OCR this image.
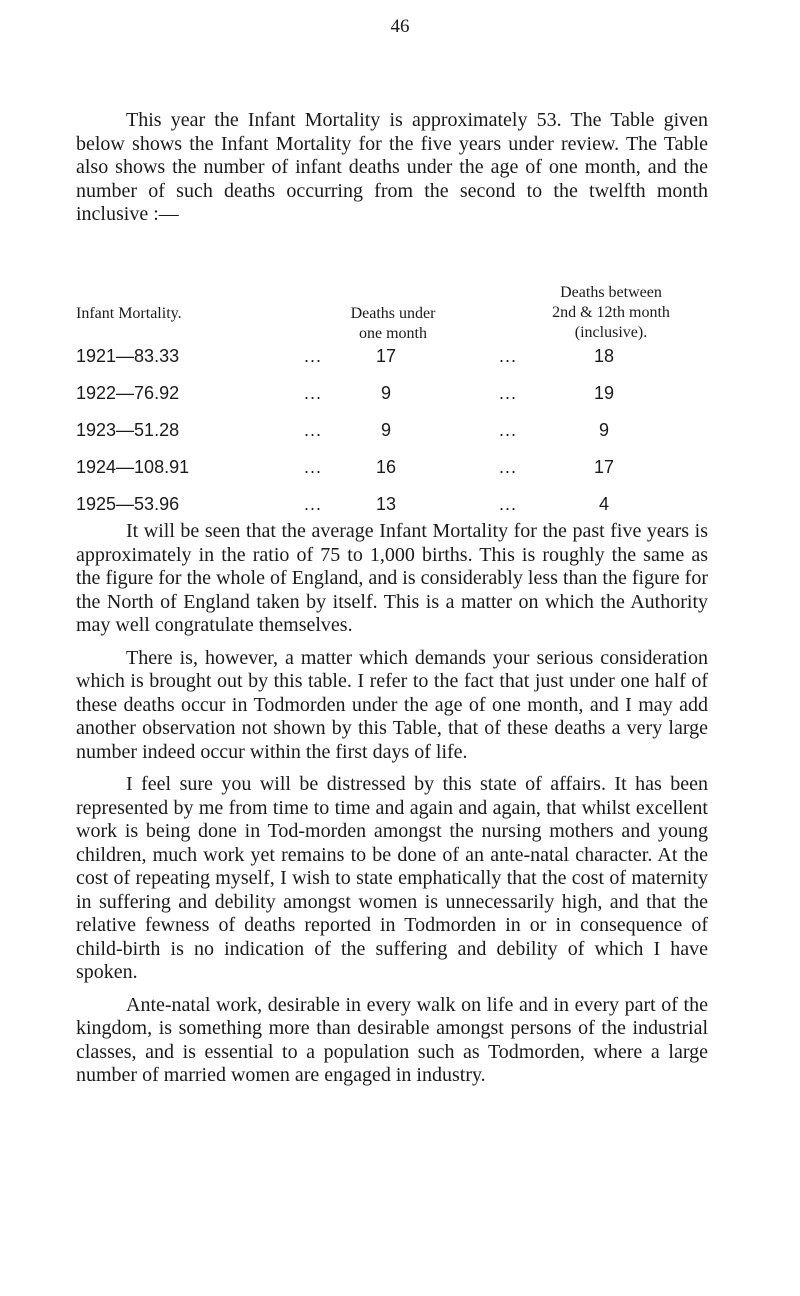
46

This year the Infant Mortality is approximately 53. The Table given below shows the Infant Mortality for the five years under review. The Table also shows the number of infant deaths under the age of one month, and the number of such deaths occurring from the second to the twelfth month inclusive :—

Infant Mortality.	Deaths under
one month
Deaths between
2nd & 12th month
(inclusive).
1921—83.33	...	17	...	18
1922—76.92	...	9	...	19
1923—51.28	...	9	...	9
1924—108.91	...	16	...	17
1925—53.96	...	13	...	4

It will be seen that the average Infant Mortality for the past five years is approximately in the ratio of 75 to 1,000 births. This is roughly the same as the figure for the whole of England, and is considerably less than the figure for the North of England taken by itself. This is a matter on which the Authority may well congratulate themselves.

There is, however, a matter which demands your serious consideration which is brought out by this table. I refer to the fact that just under one half of these deaths occur in Todmorden under the age of one month, and I may add another observation not shown by this Table, that of these deaths a very large number indeed occur within the first days of life.

I feel sure you will be distressed by this state of affairs. It has been represented by me from time to time and again and again, that whilst excellent work is being done in Tod-morden amongst the nursing mothers and young children, much work yet remains to be done of an ante-natal character. At the cost of repeating myself, I wish to state emphatically that the cost of maternity in suffering and debility amongst women is unnecessarily high, and that the relative fewness of deaths reported in Todmorden in or in consequence of child-birth is no indication of the suffering and debility of which I have spoken.

Ante-natal work, desirable in every walk on life and in every part of the kingdom, is something more than desirable amongst persons of the industrial classes, and is essential to a population such as Todmorden, where a large number of married women are engaged in industry.
